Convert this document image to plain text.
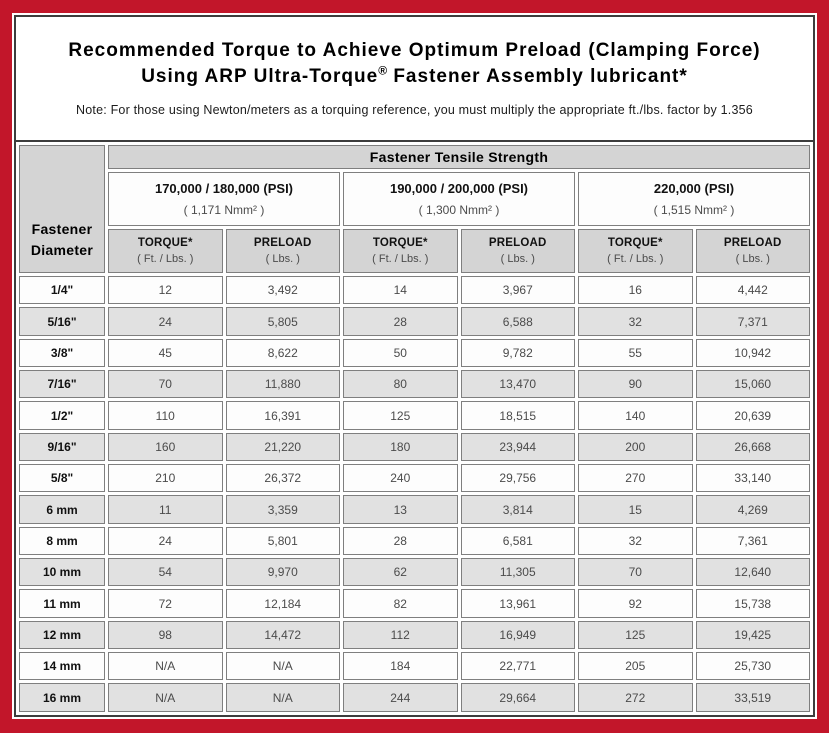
Recommended Torque to Achieve Optimum Preload (Clamping Force)
Using ARP Ultra-Torque® Fastener Assembly lubricant*
Note: For those using Newton/meters as a torquing reference, you must multiply the appropriate ft./lbs. factor by 1.356
Fastener
Diameter	Fastener Tensile Strength					

	170,000 / 180,000 (PSI)
( 1,171 Nmm² )		190,000 / 200,000 (PSI)
( 1,300 Nmm² )		220,000 (PSI)
( 1,515 Nmm² )	

	TORQUE*
( Ft. / Lbs. )	PRELOAD
( Lbs. )	TORQUE*
( Ft. / Lbs. )	PRELOAD
( Lbs. )	TORQUE*
( Ft. / Lbs. )	PRELOAD
( Lbs. )

1/4"	12	3,492	14	3,967	16	4,442
5/16"	24	5,805	28	6,588	32	7,371
3/8"	45	8,622	50	9,782	55	10,942
7/16"	70	11,880	80	13,470	90	15,060
1/2"	110	16,391	125	18,515	140	20,639
9/16"	160	21,220	180	23,944	200	26,668
5/8"	210	26,372	240	29,756	270	33,140
6 mm	11	3,359	13	3,814	15	4,269
8 mm	24	5,801	28	6,581	32	7,361
10 mm	54	9,970	62	11,305	70	12,640
11 mm	72	12,184	82	13,961	92	15,738
12 mm	98	14,472	112	16,949	125	19,425
14 mm	N/A	N/A	184	22,771	205	25,730
16 mm	N/A	N/A	244	29,664	272	33,519
